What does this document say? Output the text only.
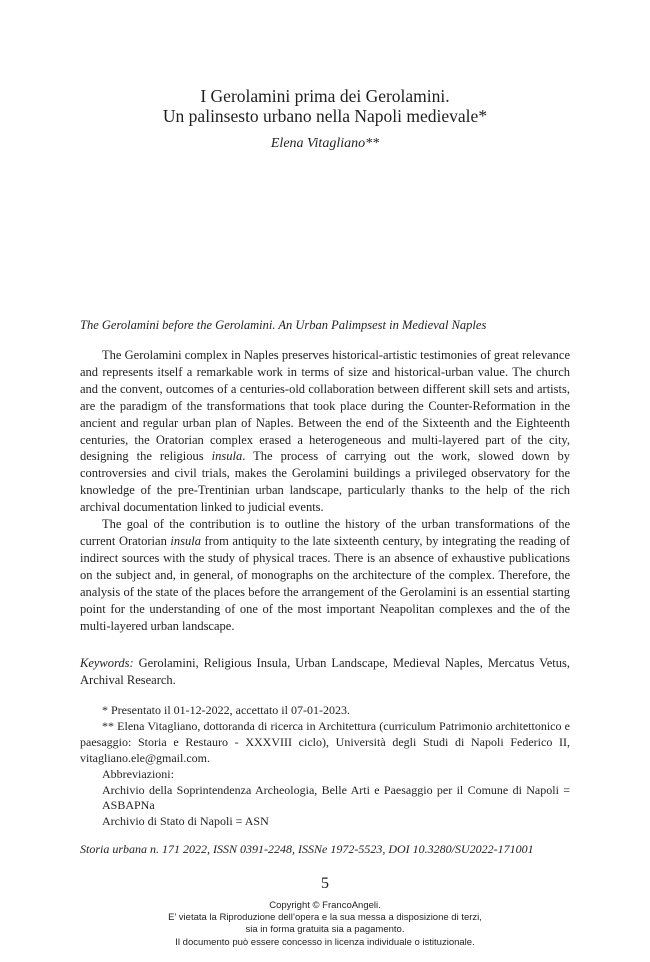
I Gerolamini prima dei Gerolamini.
Un palinsesto urbano nella Napoli medievale*
Elena Vitagliano**
The Gerolamini before the Gerolamini. An Urban Palimpsest in Medieval Naples

The Gerolamini complex in Naples preserves historical-artistic testimonies of great relevance and represents itself a remarkable work in terms of size and historical-urban value. The church and the convent, outcomes of a centuries-old collaboration between different skill sets and artists, are the paradigm of the transformations that took place during the Counter-Reformation in the ancient and regular urban plan of Naples. Between the end of the Sixteenth and the Eighteenth centuries, the Oratorian complex erased a heterogeneous and multi-layered part of the city, designing the religious insula. The process of carrying out the work, slowed down by controversies and civil trials, makes the Gerolamini buildings a privileged observatory for the knowledge of the pre-Trentinian urban landscape, particularly thanks to the help of the rich archival documentation linked to judicial events.

The goal of the contribution is to outline the history of the urban transformations of the current Oratorian insula from antiquity to the late sixteenth century, by integrating the reading of indirect sources with the study of physical traces. There is an absence of exhaustive publications on the subject and, in general, of monographs on the architecture of the complex. Therefore, the analysis of the state of the places before the arrangement of the Gerolamini is an essential starting point for the understanding of one of the most important Neapolitan complexes and the of the multi-layered urban landscape.

Keywords: Gerolamini, Religious Insula, Urban Landscape, Medieval Naples, Mercatus Vetus, Archival Research.

* Presentato il 01-12-2022, accettato il 07-01-2023.

** Elena Vitagliano, dottoranda di ricerca in Architettura (curriculum Patrimonio architettonico e paesaggio: Storia e Restauro - XXXVIII ciclo), Università degli Studi di Napoli Federico II, vitagliano.ele@gmail.com.

Abbreviazioni:

Archivio della Soprintendenza Archeologia, Belle Arti e Paesaggio per il Comune di Napoli = ASBAPNa

Archivio di Stato di Napoli = ASN

Storia urbana n. 171 2022, ISSN 0391-2248, ISSNe 1972-5523, DOI 10.3280/SU2022-171001
5
Copyright © FrancoAngeli.
E’ vietata la Riproduzione dell’opera e la sua messa a disposizione di terzi,
sia in forma gratuita sia a pagamento.
Il documento può essere concesso in licenza individuale o istituzionale.
